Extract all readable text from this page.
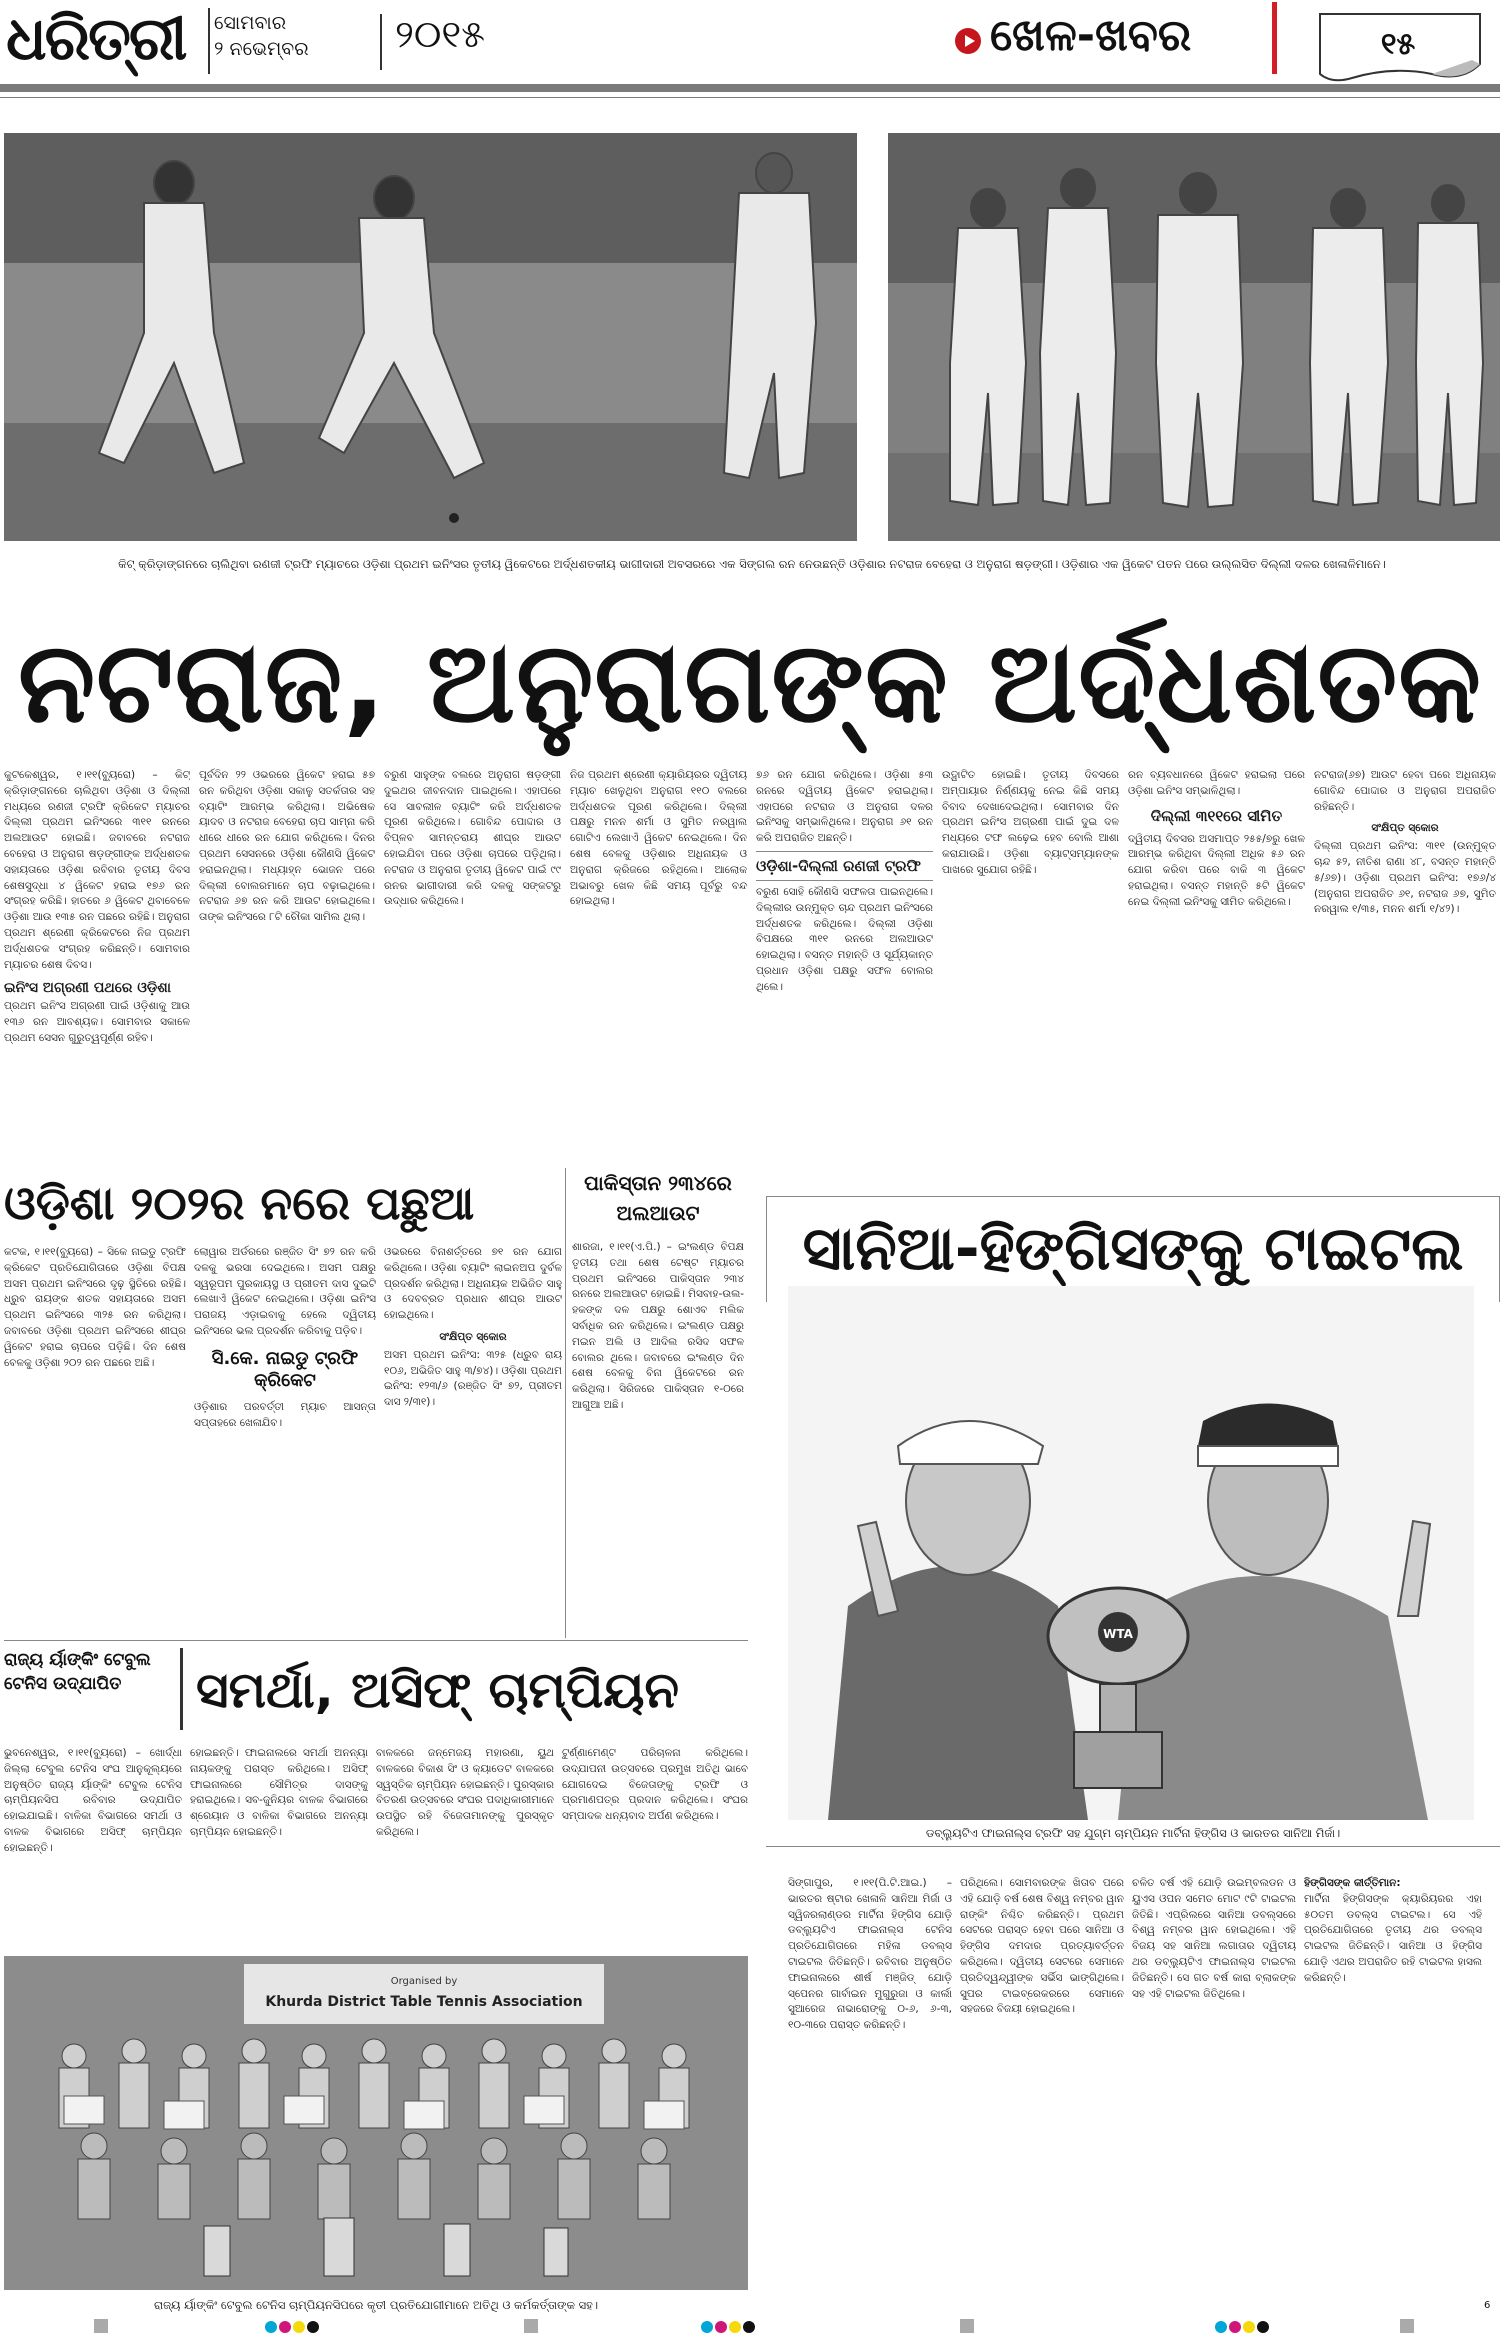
ଧରିତ୍ରୀ	ସୋମବାର
୨ ନଭେମ୍ବର ୨୦୧୫	ଖେଳ-ଖବର	୧୫
କିଟ୍ କ୍ରିଡ଼ାଙ୍ଗନରେ ଚାଲିଥିବା ରଣଜୀ ଟ୍ରଫି ମ୍ୟାଚରେ ଓଡ଼ିଶା ପ୍ରଥମ ଇନିଂସର ତୃତୀୟ ୱିକେଟରେ ଅର୍ଦ୍ଧଶତକୀୟ ଭାଗୀଦାରୀ ଅବସରରେ ଏକ ସିଙ୍ଗଲ ରନ ନେଉଛନ୍ତି ଓଡ଼ିଶାର ନଟରାଜ ବେହେରା ଓ ଅନୁରାଗ ଷଡ଼ଙ୍ଗୀ। ଓଡ଼ିଶାର ଏକ ୱିକେଟ ପତନ ପରେ ଉଲ୍ଲସିତ ଦିଲ୍ଲୀ ଦଳର ଖେଳାଳିମାନେ।
ନଟରାଜ, ଅନୁରାଗଙ୍କ ଅର୍ଦ୍ଧଶତକ

କୁଟକେଶ୍ୱର, ୧।୧୧(ବ୍ୟୁରୋ) – କିଟ୍ କ୍ରିଡ଼ାଙ୍ଗନରେ ଚାଲିଥିବା ଓଡ଼ିଶା ଓ ଦିଲ୍ଲୀ ମଧ୍ୟରେ ରଣଜୀ ଟ୍ରଫି କ୍ରିକେଟ ମ୍ୟାଚର ଦିଲ୍ଲୀ ପ୍ରଥମ ଇନିଂସରେ ୩୧୧ ରନରେ ଅଲଆଉଟ ହୋଇଛି। ଜବାବରେ ନଟରାଜ ବେହେରା ଓ ଅନୁରାଗ ଷଡ଼ଙ୍ଗୀଙ୍କ ଅର୍ଦ୍ଧଶତକ ସହାୟତାରେ ଓଡ଼ିଶା ରବିବାର ତୃତୀୟ ଦିବସ ଶେଷସୁଦ୍ଧା ୪ ୱିକେଟ ହରାଇ ୧୭୬ ରନ ସଂଗ୍ରହ କରିଛି। ହାତରେ ୬ ୱିକେଟ ଥିବାବେଳେ ଓଡ଼ିଶା ଆଉ ୧୩୫ ରନ ପଛରେ ରହିଛି। ଅନୁରାଗ ପ୍ରଥମ ଶ୍ରେଣୀ କ୍ରିକେଟରେ ନିଜ ପ୍ରଥମ ଅର୍ଦ୍ଧଶତକ ସଂଗ୍ରହ କରିଛନ୍ତି। ସୋମବାର ମ୍ୟାଚର ଶେଷ ଦିବସ।

ଇନିଂସ ଅଗ୍ରଣୀ ପଥରେ ଓଡ଼ିଶା

ପ୍ରଥମ ଇନିଂସ ଅଗ୍ରଣୀ ପାଇଁ ଓଡ଼ିଶାକୁ ଆଉ ୧୩୬ ରନ ଆବଶ୍ୟକ। ସୋମବାର ସକାଳେ ପ୍ରଥମ ସେସନ ଗୁରୁତ୍ୱପୂର୍ଣ୍ଣ ରହିବ।

ପୂର୍ବଦିନ ୨୨ ଓଭରରେ ୱିକେଟ ହରାଇ ୫୭ ରନ କରିଥିବା ଓଡ଼ିଶା ସକାଳୁ ସତର୍କତାର ସହ ବ୍ୟାଟିଂ ଆରମ୍ଭ କରିଥିଲା। ଅଭିଷେକ ୟାଦବ ଓ ନଟରାଜ ବେହେରା ଚାପ ସାମ୍ନା କରି ଧୀରେ ଧୀରେ ରନ ଯୋଗ କରିଥିଲେ। ଦିନର ପ୍ରଥମ ସେସନରେ ଓଡ଼ିଶା କୌଣସି ୱିକେଟ ହରାଇନଥିଲା। ମଧ୍ୟାହ୍ନ ଭୋଜନ ପରେ ଦିଲ୍ଲୀ ବୋଲରମାନେ ଚାପ ବଢ଼ାଇଥିଲେ। ନଟରାଜ ୬୭ ରନ କରି ଆଉଟ ହୋଇଥିଲେ। ତାଙ୍କ ଇନିଂସରେ ୮ଟି ଚୌକା ସାମିଲ ଥିଲା।
ବରୁଣ ସାହୁଙ୍କ ବଲରେ ଅନୁରାଗ ଷଡ଼ଙ୍ଗୀ ଦୁଇଥର ଜୀବନଦାନ ପାଇଥିଲେ। ଏହାପରେ ସେ ସାବଲୀଳ ବ୍ୟାଟିଂ କରି ଅର୍ଦ୍ଧଶତକ ପୂରଣ କରିଥିଲେ। ଗୋବିନ୍ଦ ପୋଦ୍ଦାର ଓ ବିପ୍ଳବ ସାମନ୍ତରାୟ ଶୀଘ୍ର ଆଉଟ ହୋଇଯିବା ପରେ ଓଡ଼ିଶା ଚାପରେ ପଡ଼ିଥିଲା। ନଟରାଜ ଓ ଅନୁରାଗ ତୃତୀୟ ୱିକେଟ ପାଇଁ ୯୯ ରନର ଭାଗୀଦାରୀ କରି ଦଳକୁ ସଙ୍କଟରୁ ଉଦ୍ଧାର କରିଥିଲେ।
ନିଜ ପ୍ରଥମ ଶ୍ରେଣୀ କ୍ୟାରିୟରର ଦ୍ୱିତୀୟ ମ୍ୟାଚ ଖେଳୁଥିବା ଅନୁରାଗ ୧୧୦ ବଲରେ ଅର୍ଦ୍ଧଶତକ ପୂରଣ କରିଥିଲେ। ଦିଲ୍ଲୀ ପକ୍ଷରୁ ମନନ ଶର୍ମା ଓ ସୁମିତ ନରୱାଲ ଗୋଟିଏ ଲେଖାଏଁ ୱିକେଟ ନେଇଥିଲେ। ଦିନ ଶେଷ ବେଳକୁ ଓଡ଼ିଶାର ଅଧିନାୟକ ଓ ଅନୁରାଗ କ୍ରିଜରେ ରହିଥିଲେ। ଆଲୋକ ଅଭାବରୁ ଖେଳ କିଛି ସମୟ ପୂର୍ବରୁ ବନ୍ଦ ହୋଇଥିଲା।

୭୬ ରନ ଯୋଗ କରିଥିଲେ। ଓଡ଼ିଶା ୫୩ ରନରେ ଦ୍ୱିତୀୟ ୱିକେଟ ହରାଇଥିଲା। ଏହାପରେ ନଟରାଜ ଓ ଅନୁରାଗ ଦଳର ଇନିଂସକୁ ସମ୍ଭାଳିଥିଲେ। ଅନୁରାଗ ୬୧ ରନ କରି ଅପରାଜିତ ଅଛନ୍ତି।

ଓଡ଼ିଶା-ଦିଲ୍ଲୀ ରଣଜୀ ଟ୍ରଫି

ବରୁଣ ସୋହି କୌଣସି ସଫଳତା ପାଇନଥିଲେ। ଦିଲ୍ଲୀର ଉନ୍ମୁକ୍ତ ଚାନ୍ଦ ପ୍ରଥମ ଇନିଂସରେ ଅର୍ଦ୍ଧଶତକ କରିଥିଲେ। ଦିଲ୍ଲୀ ଓଡ଼ିଶା ବିପକ୍ଷରେ ୩୧୧ ରନରେ ଅଲଆଉଟ ହୋଇଥିଲା। ବସନ୍ତ ମହାନ୍ତି ଓ ସୂର୍ଯ୍ୟକାନ୍ତ ପ୍ରଧାନ ଓଡ଼ିଶା ପକ୍ଷରୁ ସଫଳ ବୋଲର ଥିଲେ।

ଉଦ୍ଘାଟିତ ହୋଇଛି। ତୃତୀୟ ଦିବସରେ ଅମ୍ପାୟାର ନିର୍ଣ୍ଣୟକୁ ନେଇ କିଛି ସମୟ ବିବାଦ ଦେଖାଦେଇଥିଲା। ସୋମବାର ଦିନ ପ୍ରଥମ ଇନିଂସ ଅଗ୍ରଣୀ ପାଇଁ ଦୁଇ ଦଳ ମଧ୍ୟରେ ଟଫ ଲଢ଼େଇ ହେବ ବୋଲି ଆଶା କରାଯାଉଛି। ଓଡ଼ିଶା ବ୍ୟାଟ୍ସମ୍ୟାନଙ୍କ ପାଖରେ ସୁଯୋଗ ରହିଛି।

ରନ ବ୍ୟବଧାନରେ ୱିକେଟ ହରାଇଲା ପରେ ଓଡ଼ିଶା ଇନିଂସ ସମ୍ଭାଳିଥିଲା।

ଦିଲ୍ଲୀ ୩୧୧ରେ ସୀମିତ

ଦ୍ୱିତୀୟ ଦିବସର ଅସମାପ୍ତ ୨୫୫/୭ରୁ ଖେଳ ଆରମ୍ଭ କରିଥିବା ଦିଲ୍ଲୀ ଅଧିକ ୫୬ ରନ ଯୋଗ କରିବା ପରେ ବାକି ୩ ୱିକେଟ ହରାଇଥିଲା। ବସନ୍ତ ମହାନ୍ତି ୫ଟି ୱିକେଟ ନେଇ ଦିଲ୍ଲୀ ଇନିଂସକୁ ସୀମିତ କରିଥିଲେ।

ନଟରାଜ(୬୭) ଆଉଟ ହେବା ପରେ ଅଧିନାୟକ ଗୋବିନ୍ଦ ପୋଦ୍ଦାର ଓ ଅନୁରାଗ ଅପରାଜିତ ରହିଛନ୍ତି।

ସଂକ୍ଷିପ୍ତ ସ୍କୋର

ଦିଲ୍ଲୀ ପ୍ରଥମ ଇନିଂସ: ୩୧୧ (ଉନ୍ମୁକ୍ତ ଚାନ୍ଦ ୫୨, ନୀତିଶ ରାଣା ୪୮, ବସନ୍ତ ମହାନ୍ତି ୫/୬୭)। ଓଡ଼ିଶା ପ୍ରଥମ ଇନିଂସ: ୧୭୬/୪ (ଅନୁରାଗ ଅପରାଜିତ ୬୧, ନଟରାଜ ୬୭, ସୁମିତ ନରୱାଲ ୧/୩୫, ମନନ ଶର୍ମା ୧/୪୨)।

ଓଡ଼ିଶା ୨୦୨ର ନରେ ପଛୁଆ
କଟକ, ୧।୧୧(ବ୍ୟୁରୋ) – ସିକେ ନାଇଡୁ ଟ୍ରଫି କ୍ରିକେଟ ପ୍ରତିଯୋଗିତାରେ ଓଡ଼ିଶା ବିପକ୍ଷ ଅସମ ପ୍ରଥମ ଇନିଂସରେ ଦୃଢ଼ ସ୍ଥିତିରେ ରହିଛି। ଧ୍ରୁବ ରାୟଙ୍କ ଶତକ ସହାୟତାରେ ଅସମ ପ୍ରଥମ ଇନିଂସରେ ୩୨୫ ରନ କରିଥିଲା। ଜବାବରେ ଓଡ଼ିଶା ପ୍ରଥମ ଇନିଂସରେ ଶୀଘ୍ର ୱିକେଟ ହରାଇ ଚାପରେ ପଡ଼ିଛି। ଦିନ ଶେଷ ବେଳକୁ ଓଡ଼ିଶା ୨୦୨ ରନ ପଛରେ ଅଛି।

ଲୋୱାର ଅର୍ଡରରେ ରଞ୍ଜିତ ସିଂ ୭୨ ରନ କରି ଦଳକୁ ଭରସା ଦେଇଥିଲେ। ଅସମ ପକ୍ଷରୁ ସ୍ୱରୂପମ ପୁରକାୟସ୍ଥ ଓ ପ୍ରୀତମ ଦାସ ଦୁଇଟି ଲେଖାଏଁ ୱିକେଟ ନେଇଥିଲେ। ଓଡ଼ିଶା ଇନିଂସ ପରାଜୟ ଏଡ଼ାଇବାକୁ ହେଲେ ଦ୍ୱିତୀୟ ଇନିଂସରେ ଭଲ ପ୍ରଦର୍ଶନ କରିବାକୁ ପଡ଼ିବ।

ସି.କେ. ନାଇଡୁ ଟ୍ରଫି କ୍ରିକେଟ

ଓଡ଼ିଶାର ପରବର୍ତ୍ତୀ ମ୍ୟାଚ ଆସନ୍ତା ସପ୍ତାହରେ ଖେଳାଯିବ।

ଓଭରରେ ବିନାଶର୍ତ୍ତରେ ୭୧ ରନ ଯୋଗ କରିଥିଲେ। ଓଡ଼ିଶା ବ୍ୟାଟିଂ ଲାଇନଅପ ଦୁର୍ବଳ ପ୍ରଦର୍ଶନ କରିଥିଲା। ଅଧିନାୟକ ଅଭିଜିତ ସାହୁ ଓ ଦେବବ୍ରତ ପ୍ରଧାନ ଶୀଘ୍ର ଆଉଟ ହୋଇଥିଲେ।

ସଂକ୍ଷିପ୍ତ ସ୍କୋର

ଅସମ ପ୍ରଥମ ଇନିଂସ: ୩୨୫ (ଧ୍ରୁବ ରାୟ ୧୦୬, ଅଭିଜିତ ସାହୁ ୩/୭୪)। ଓଡ଼ିଶା ପ୍ରଥମ ଇନିଂସ: ୧୨୩/୬ (ରଞ୍ଜିତ ସିଂ ୭୨, ପ୍ରୀତମ ଦାସ ୨/୩୧)।

ପାକିସ୍ତାନ ୨୩୪ରେ
ଅଲଆଉଟ
ଶାରଜା, ୧।୧୧(ଏ.ପି.) – ଇଂଲଣ୍ଡ ବିପକ୍ଷ ତୃତୀୟ ତଥା ଶେଷ ଟେଷ୍ଟ ମ୍ୟାଚର ପ୍ରଥମ ଇନିଂସରେ ପାକିସ୍ତାନ ୨୩୪ ରନରେ ଅଲଆଉଟ ହୋଇଛି। ମିସବାହ-ଉଲ-ହକଙ୍କ ଦଳ ପକ୍ଷରୁ ଶୋଏବ ମଲିକ ସର୍ବାଧିକ ରନ କରିଥିଲେ। ଇଂଲଣ୍ଡ ପକ୍ଷରୁ ମଇନ ଅଲି ଓ ଆଦିଲ ରସିଦ ସଫଳ ବୋଲର ଥିଲେ। ଜବାବରେ ଇଂଲଣ୍ଡ ଦିନ ଶେଷ ବେଳକୁ ବିନା ୱିକେଟରେ ରନ କରିଥିଲା। ସିରିଜରେ ପାକିସ୍ତାନ ୧-୦ରେ ଆଗୁଆ ଅଛି।
ସାନିଆ-ହିଙ୍ଗିସଙ୍କୁ ଟାଇଟଲ
WTA
ଡବ୍ଲ୍ୟୁଟିଏ ଫାଇନାଲ୍ସ ଟ୍ରଫି ସହ ଯୁଗ୍ମ ଚାମ୍ପିୟନ ମାର୍ଟିନା ହିଙ୍ଗିସ ଓ ଭାରତର ସାନିଆ ମିର୍ଜା।
ସିଙ୍ଗାପୁର, ୧।୧୧(ପି.ଟି.ଆଇ.) – ଭାରତର ଷ୍ଟାର ଖେଳାଳି ସାନିଆ ମିର୍ଜା ଓ ସ୍ୱିଜରଲାଣ୍ଡର ମାର୍ଟିନା ହିଙ୍ଗିସ ଯୋଡ଼ି ଡବ୍ଲ୍ୟୁଟିଏ ଫାଇନାଲ୍ସ ଟେନିସ ପ୍ରତିଯୋଗିତାରେ ମହିଳା ଡବଲ୍ସ ଟାଇଟଲ ଜିତିଛନ୍ତି। ରବିବାର ଅନୁଷ୍ଠିତ ଫାଇନାଲରେ ଶୀର୍ଷ ମଞ୍ଜିଡ୍ ଯୋଡ଼ି ସ୍ପେନର ଗାର୍ବାଇନ ମୁଗୁରୁଜା ଓ କାର୍ଲା ସୁଆରେଜ ନାଭାରୋଙ୍କୁ ୦-୬, ୬-୩, ୧୦-୩ରେ ପରାସ୍ତ କରିଛନ୍ତି।
ପରିଥିଲେ। ସୋମବାରଙ୍କ ଖିତାବ ପରେ ଏହି ଯୋଡ଼ି ବର୍ଷ ଶେଷ ବିଶ୍ୱ ନମ୍ବର ୱାନ ରାଙ୍କିଂ ନିଶ୍ଚିତ କରିଛନ୍ତି। ପ୍ରଥମ ସେଟରେ ପରାସ୍ତ ହେବା ପରେ ସାନିଆ ଓ ହିଙ୍ଗିସ ଦମଦାର ପ୍ରତ୍ୟାବର୍ତ୍ତନ କରିଥିଲେ। ଦ୍ୱିତୀୟ ସେଟରେ ସେମାନେ ପ୍ରତିଦ୍ୱନ୍ଦ୍ୱୀଙ୍କ ସର୍ଭିସ ଭାଙ୍ଗିଥିଲେ। ସୁପର ଟାଇବ୍ରେକରରେ ସେମାନେ ସହଜରେ ବିଜୟୀ ହୋଇଥିଲେ।
ଚଳିତ ବର୍ଷ ଏହି ଯୋଡ଼ି ଉଇମ୍ବଲଡନ ଓ ୟୁଏସ ଓପନ ସମେତ ମୋଟ ୯ଟି ଟାଇଟଲ ଜିତିଛି। ଏପ୍ରିଲରେ ସାନିଆ ଡବଲ୍ସରେ ବିଶ୍ୱ ନମ୍ବର ୱାନ ହୋଇଥିଲେ। ଏହି ବିଜୟ ସହ ସାନିଆ ଲଗାତାର ଦ୍ୱିତୀୟ ଥର ଡବ୍ଲ୍ୟୁଟିଏ ଫାଇନାଲ୍ସ ଟାଇଟଲ ଜିତିଛନ୍ତି। ସେ ଗତ ବର୍ଷ କାରା ବ୍ଲାକଙ୍କ ସହ ଏହି ଟାଇଟଲ ଜିତିଥିଲେ।

ହିଙ୍ଗିସଙ୍କ କୀର୍ତ୍ତିମାନ:

ମାର୍ଟିନା ହିଙ୍ଗିସଙ୍କ କ୍ୟାରିୟରର ଏହା ୫୦ତମ ଡବଲ୍ସ ଟାଇଟଲ। ସେ ଏହି ପ୍ରତିଯୋଗିତାରେ ତୃତୀୟ ଥର ଡବଲ୍ସ ଟାଇଟଲ ଜିତିଛନ୍ତି। ସାନିଆ ଓ ହିଙ୍ଗିସ ଯୋଡ଼ି ଏଥର ଅପରାଜିତ ରହି ଟାଇଟଲ ହାସଲ କରିଛନ୍ତି।

ରାଜ୍ୟ ର୍ୟାଙ୍କିଂ ଟେବୁଲ ଟେନିସ ଉଦ୍‌ଯାପିତ	ସମର୍ଥା, ଅସିଫ୍ ଚାମ୍ପିୟନ
ଭୁବନେଶ୍ୱର, ୧।୧୧(ବ୍ୟୁରୋ) – ଖୋର୍ଦ୍ଧା ଜିଲ୍ଲା ଟେବୁଲ ଟେନିସ ସଂଘ ଆନୁକୂଲ୍ୟରେ ଅନୁଷ୍ଠିତ ରାଜ୍ୟ ର୍ୟାଙ୍କିଂ ଟେବୁଲ ଟେନିସ ଚାମ୍ପିୟନସିପ ରବିବାର ଉଦ୍‌ଯାପିତ ହୋଇଯାଇଛି। ବାଳିକା ବିଭାଗରେ ସମର୍ଥା ଓ ବାଳକ ବିଭାଗରେ ଅସିଫ୍ ଚାମ୍ପିୟନ ହୋଇଛନ୍ତି।
ହୋଇଛନ୍ତି। ଫାଇନାଲରେ ସମର୍ଥା ଅନନ୍ୟା ନାୟକଙ୍କୁ ପରାସ୍ତ କରିଥିଲେ। ଅସିଫ୍ ଫାଇନାଲରେ ସୌମିତ୍ର ଦାସଙ୍କୁ ହରାଇଥିଲେ। ସବ-ଜୁନିୟର ବାଳକ ବିଭାଗରେ ଶ୍ରେୟାନ ଓ ବାଳିକା ବିଭାଗରେ ଅନନ୍ୟା ଚାମ୍ପିୟନ ହୋଇଛନ୍ତି।
ବାଳକରେ ଜନ୍ମେଜୟ ମହାରଣା, ୟୁଥ ବାଳକରେ ବିକାଶ ସିଂ ଓ କ୍ୟାଡେଟ ବାଳକରେ ସ୍ୱସ୍ତିକ ଚାମ୍ପିୟନ ହୋଇଛନ୍ତି। ପୁରସ୍କାର ବିତରଣ ଉତ୍ସବରେ ସଂଘର ପଦାଧିକାରୀମାନେ ଉପସ୍ଥିତ ରହି ବିଜେତାମାନଙ୍କୁ ପୁରସ୍କୃତ କରିଥିଲେ।
ଟୁର୍ଣ୍ଣାମେଣ୍ଟ ପରିଚାଳନା କରିଥିଲେ। ଉଦ୍‌ଯାପନୀ ଉତ୍ସବରେ ପ୍ରମୁଖ ଅତିଥି ଭାବେ ଯୋଗଦେଇ ବିଜେତାଙ୍କୁ ଟ୍ରଫି ଓ ପ୍ରମାଣପତ୍ର ପ୍ରଦାନ କରିଥିଲେ। ସଂଘର ସମ୍ପାଦକ ଧନ୍ୟବାଦ ଅର୍ପଣ କରିଥିଲେ।
Organised by
Khurda District Table Tennis Association
ରାଜ୍ୟ ର୍ୟାଙ୍କିଂ ଟେବୁଲ ଟେନିସ ଚାମ୍ପିୟନସିପରେ କୃତୀ ପ୍ରତିଯୋଗୀମାନେ ଅତିଥି ଓ କର୍ମକର୍ତ୍ତାଙ୍କ ସହ।	6
